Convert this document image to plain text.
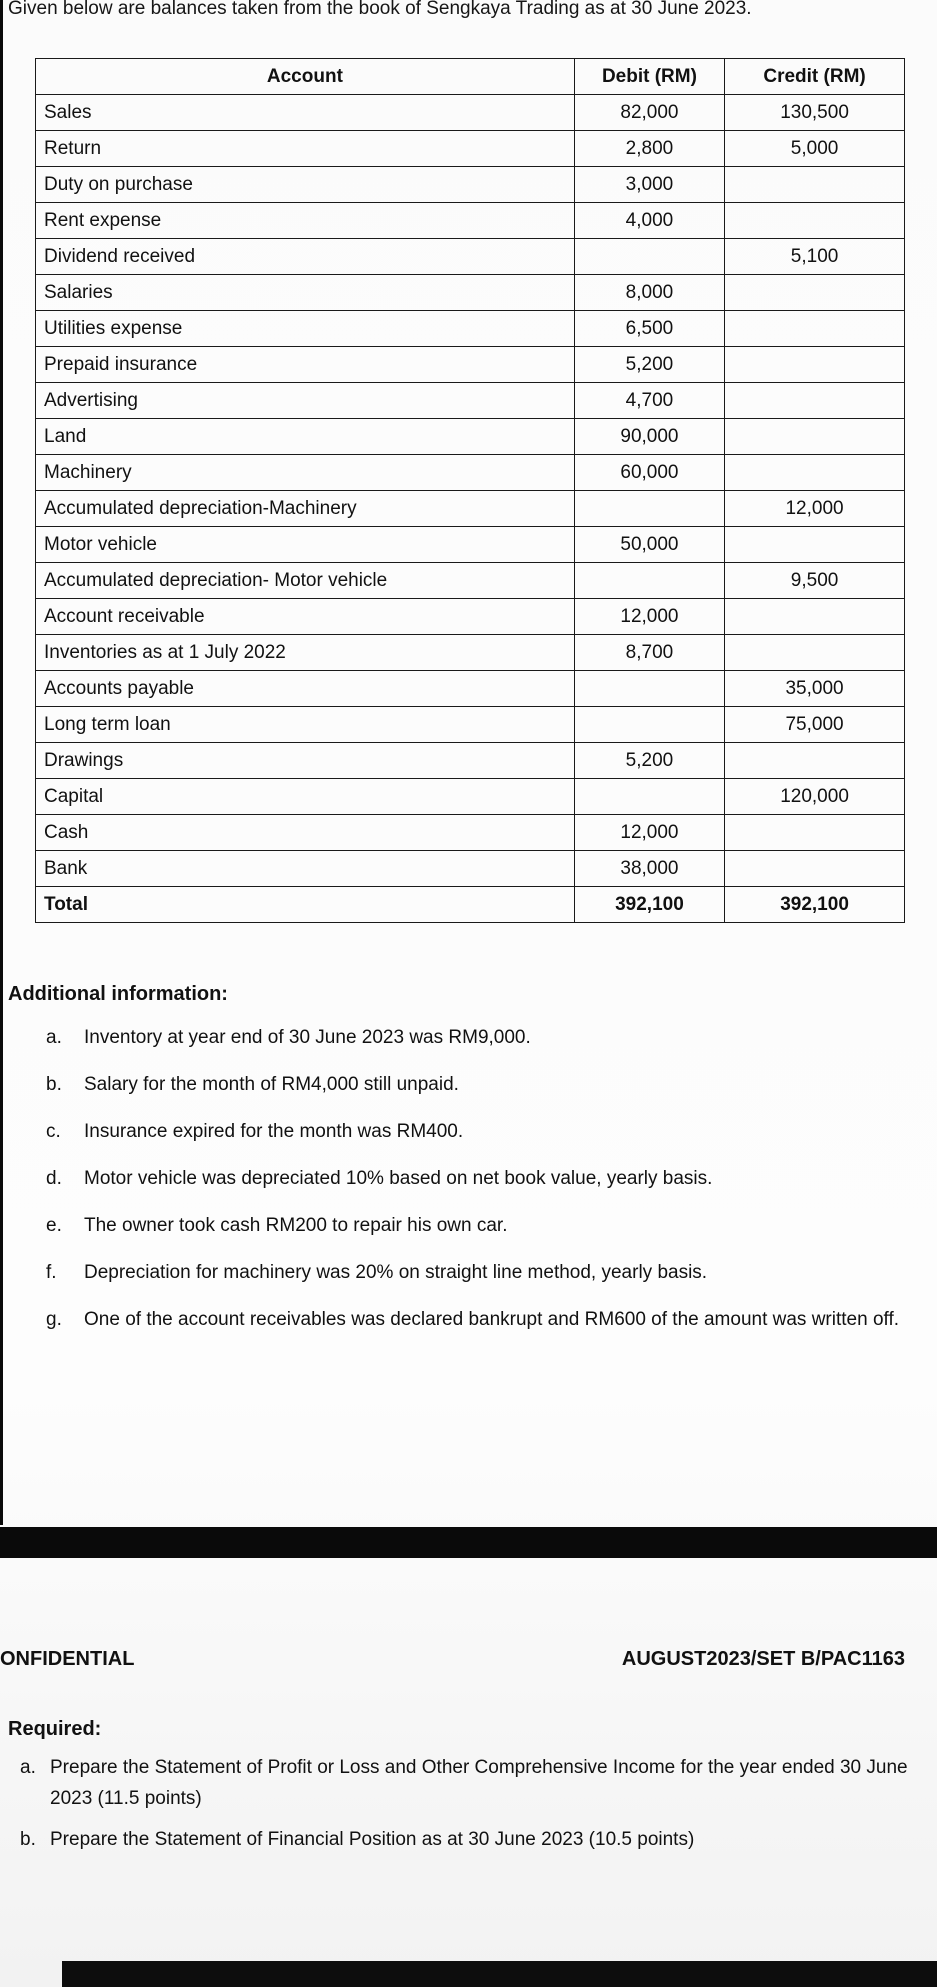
Given below are balances taken from the book of Sengkaya Trading as at 30 June 2023.

Account	Debit (RM)	Credit (RM)
Sales	82,000	130,500
Return	2,800	5,000
Duty on purchase	3,000	
Rent expense	4,000	
Dividend received		5,100
Salaries	8,000	
Utilities expense	6,500	
Prepaid insurance	5,200	
Advertising	4,700	
Land	90,000	
Machinery	60,000	
Accumulated depreciation-Machinery		12,000
Motor vehicle	50,000	
Accumulated depreciation- Motor vehicle		9,500
Account receivable	12,000	
Inventories as at 1 July 2022	8,700	
Accounts payable		35,000
Long term loan		75,000
Drawings	5,200	
Capital		120,000
Cash	12,000	
Bank	38,000	
Total	392,100	392,100
Additional information:
a.	Inventory at year end of 30 June 2023 was RM9,000.
b.	Salary for the month of RM4,000 still unpaid.
c.	Insurance expired for the month was RM400.
d.	Motor vehicle was depreciated 10% based on net book value, yearly basis.
e.	The owner took cash RM200 to repair his own car.
f.	Depreciation for machinery was 20% on straight line method, yearly basis.
g.	One of the account receivables was declared bankrupt and RM600 of the amount was written off.
ONFIDENTIAL	AUGUST2023/SET B/PAC1163
Required:
a. Prepare the Statement of Profit or Loss and Other Comprehensive Income for the year ended 30 June 2023 (11.5 points)
b. Prepare the Statement of Financial Position as at 30 June 2023 (10.5 points)
